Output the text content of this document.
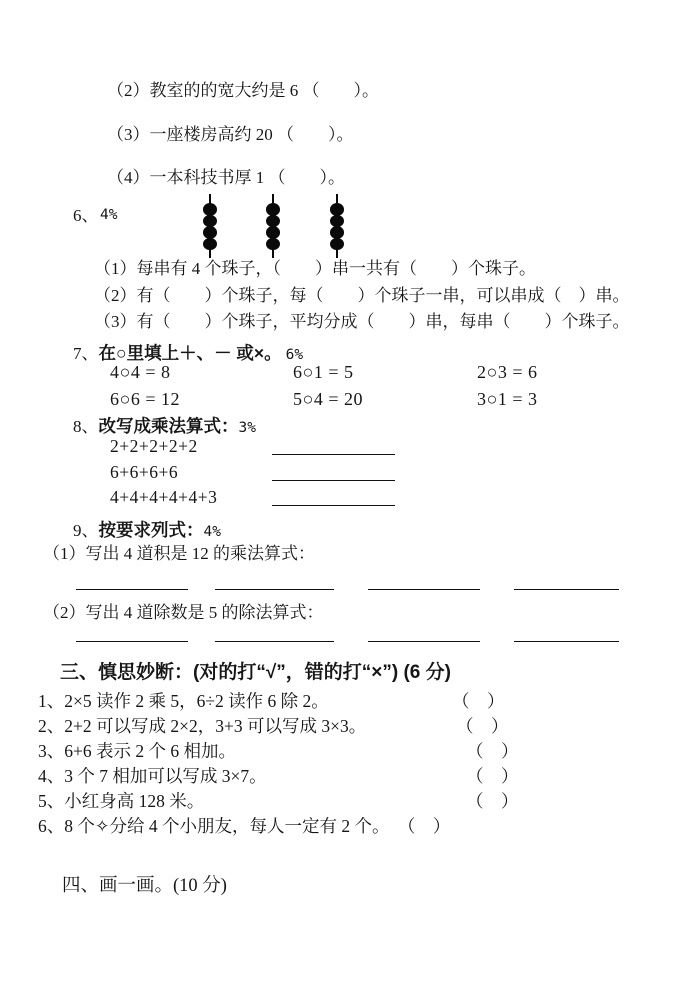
（2）教室的的宽大约是 6 （　　）。
（3）一座楼房高约 20 （　　）。
（4）一本科技书厚 1 （　　）。
6、 4%
（1）每串有 4 个珠子，（　　）串一共有（　　）个珠子。
（2）有（　　）个珠子，每（　　）个珠子一串，可以串成（　）串。
（3）有（　　）个珠子，平均分成（　　）串，每串（　　）个珠子。
7、在○里填上＋、－ 或×。 6%
4○4 = 8	6○1 = 5	2○3 = 6
6○6 = 12	5○4 = 20	3○1 = 3
8、改写成乘法算式：3%
2+2+2+2+2
6+6+6+6
4+4+4+4+4+3
9、按要求列式：4%
（1）写出 4 道积是 12 的乘法算式：
（2）写出 4 道除数是 5 的除法算式：
三、慎思妙断：(对的打“√”，错的打“×”) (6 分)
1、2×5 读作 2 乘 5，6÷2 读作 6 除 2。	（　）
2、2+2 可以写成 2×2，3+3 可以写成 3×3。	（　）
3、6+6 表示 2 个 6 相加。	（　）
4、3 个 7 相加可以写成 3×7。	（　）
5、小红身高 128 米。	（　）
6、8 个✧分给 4 个小朋友，每人一定有 2 个。 （　）
四、画一画。(10 分)
